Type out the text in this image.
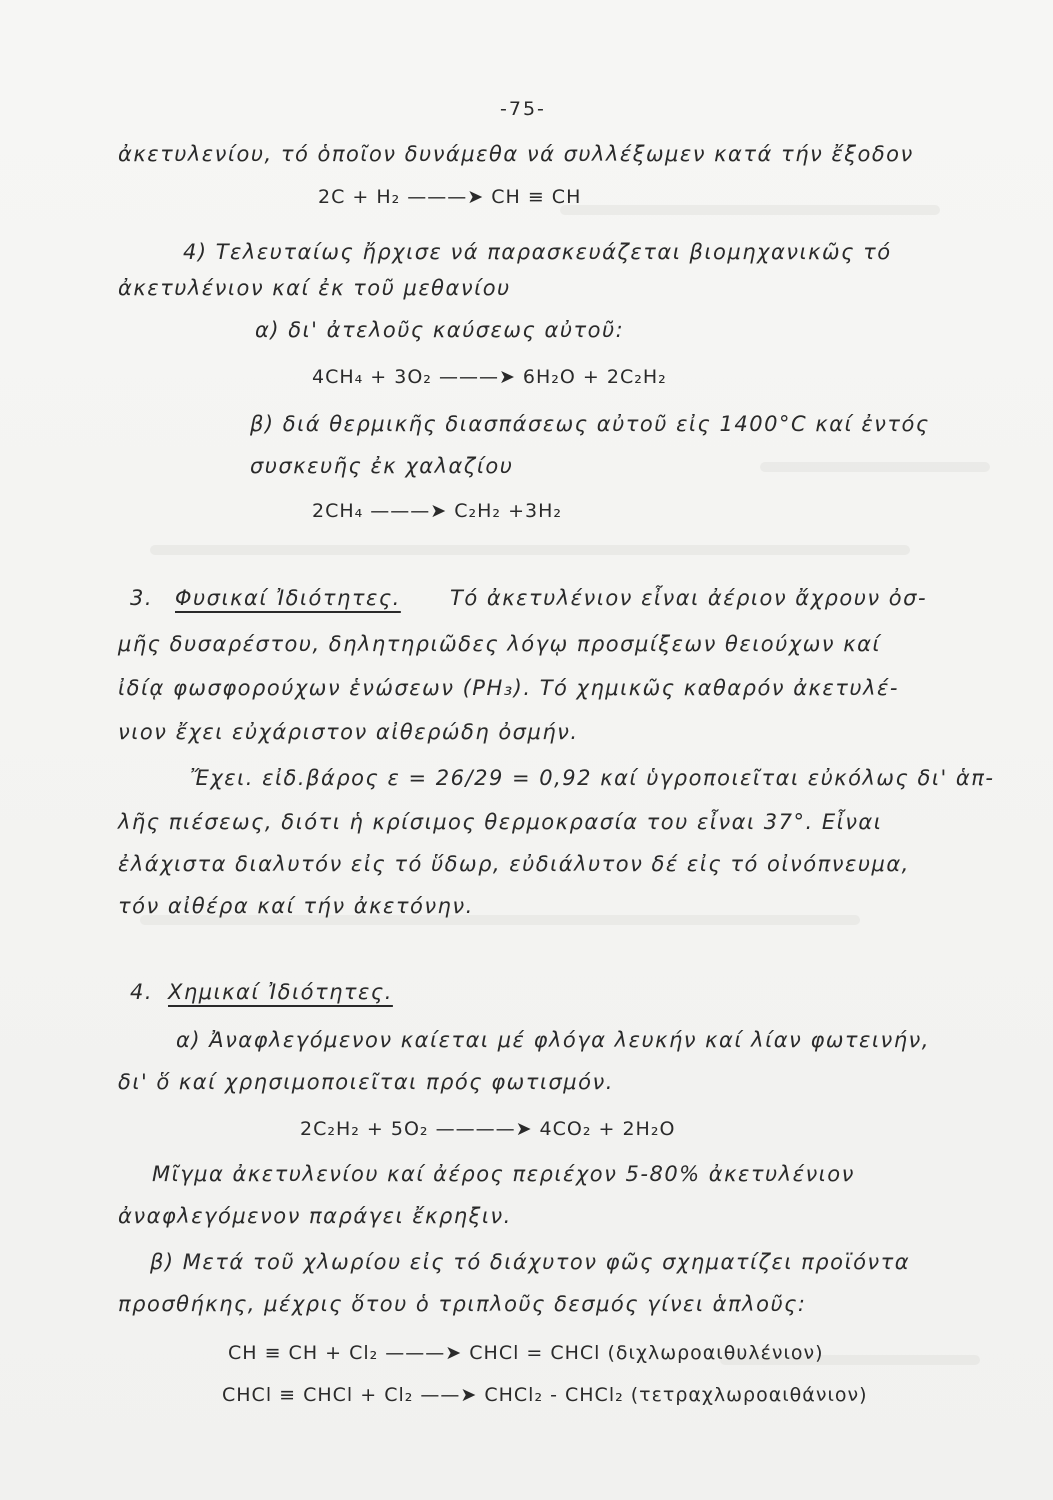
-75-
ἀκετυλενίου, τό ὁποῖον δυνάμεθα νά συλλέξωμεν κατά τήν ἔξοδον
2C + H₂ ———➤ CH ≡ CH
4) Τελευταίως ἤρχισε νά παρασκευάζεται βιομηχανικῶς τό
ἀκετυλένιον καί ἐκ τοῦ μεθανίου
α) δι' ἀτελοῦς καύσεως αὐτοῦ:
4CH₄ + 3O₂ ———➤ 6H₂O + 2C₂H₂
β) διά θερμικῆς διασπάσεως αὐτοῦ εἰς 1400°C καί ἐντός
συσκευῆς ἐκ χαλαζίου
2CH₄ ———➤ C₂H₂ +3H₂
3. Φυσικαί Ἰδιότητες. Τό ἀκετυλένιον εἶναι ἀέριον ἄχρουν ὀσ-
μῆς δυσαρέστου, δηλητηριῶδες λόγῳ προσμίξεων θειούχων καί
ἰδίᾳ φωσφορούχων ἑνώσεων (PH₃). Τό χημικῶς καθαρόν ἀκετυλέ-
νιον ἔχει εὐχάριστον αἰθερώδη ὀσμήν.
Ἔχει. εἰδ.βάρος ε = 26/29 = 0,92 καί ὑγροποιεῖται εὐκόλως δι' ἁπ-
λῆς πιέσεως, διότι ἡ κρίσιμος θερμοκρασία του εἶναι 37°. Εἶναι
ἐλάχιστα διαλυτόν εἰς τό ὕδωρ, εὐδιάλυτον δέ εἰς τό οἰνόπνευμα,
τόν αἰθέρα καί τήν ἀκετόνην.
4. Χημικαί Ἰδιότητες.
α) Ἀναφλεγόμενον καίεται μέ φλόγα λευκήν καί λίαν φωτεινήν,
δι' ὅ καί χρησιμοποιεῖται πρός φωτισμόν.
2C₂H₂ + 5O₂ ————➤ 4CO₂ + 2H₂O
Μῖγμα ἀκετυλενίου καί ἀέρος περιέχον 5-80% ἀκετυλένιον
ἀναφλεγόμενον παράγει ἔκρηξιν.
β) Μετά τοῦ χλωρίου εἰς τό διάχυτον φῶς σχηματίζει προϊόντα
προσθήκης, μέχρις ὅτου ὁ τριπλοῦς δεσμός γίνει ἁπλοῦς:
CH ≡ CH + Cl₂ ———➤ CHCl = CHCl (διχλωροαιθυλένιον)
CHCl ≡ CHCl + Cl₂ ——➤ CHCl₂ - CHCl₂ (τετραχλωροαιθάνιον)
